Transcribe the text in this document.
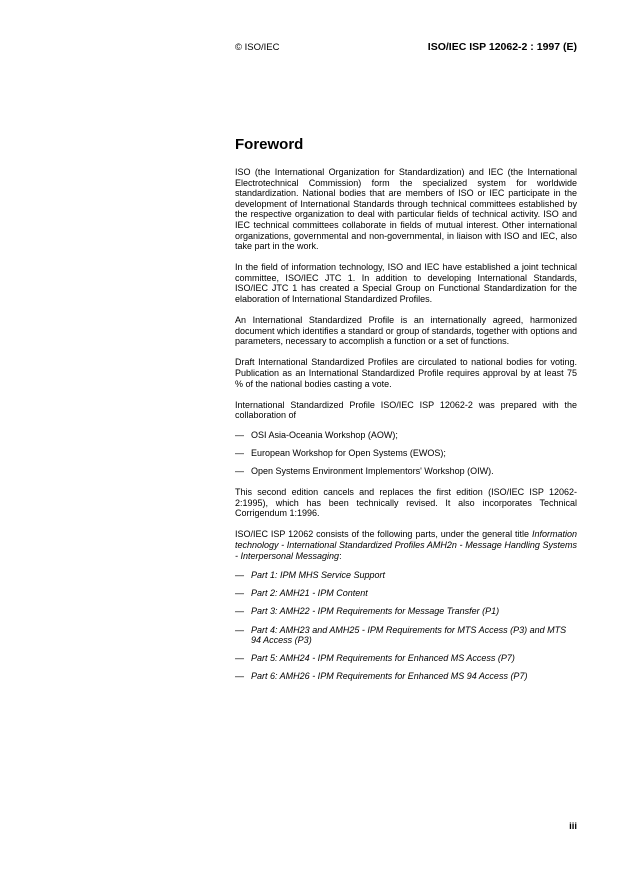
© ISO/IEC	ISO/IEC ISP 12062-2 : 1997 (E)
Foreword

ISO (the International Organization for Standardization) and IEC (the International Electrotechnical Commission) form the specialized system for worldwide standardization. National bodies that are members of ISO or IEC participate in the development of International Standards through technical committees established by the respective organization to deal with particular fields of technical activity. ISO and IEC technical committees collaborate in fields of mutual interest. Other international organizations, governmental and non-governmental, in liaison with ISO and IEC, also take part in the work.

In the field of information technology, ISO and IEC have established a joint technical committee, ISO/IEC JTC 1. In addition to developing International Standards, ISO/IEC JTC 1 has created a Special Group on Functional Standardization for the elaboration of International Standardized Profiles.

An International Standardized Profile is an internationally agreed, harmonized document which identifies a standard or group of standards, together with options and parameters, necessary to accomplish a function or a set of functions.

Draft International Standardized Profiles are circulated to national bodies for voting. Publication as an International Standardized Profile requires approval by at least 75 % of the national bodies casting a vote.

International Standardized Profile ISO/IEC ISP 12062-2 was prepared with the collaboration of

— OSI Asia-Oceania Workshop (AOW);
— European Workshop for Open Systems (EWOS);
— Open Systems Environment Implementors' Workshop (OIW).

This second edition cancels and replaces the first edition (ISO/IEC ISP 12062-2:1995), which has been technically revised. It also incorporates Technical Corrigendum 1:1996.

ISO/IEC ISP 12062 consists of the following parts, under the general title Information technology - International Standardized Profiles AMH2n - Message Handling Systems - Interpersonal Messaging:

— Part 1: IPM MHS Service Support
— Part 2: AMH21 - IPM Content
— Part 3: AMH22 - IPM Requirements for Message Transfer (P1)
— Part 4: AMH23 and AMH25 - IPM Requirements for MTS Access (P3) and MTS 94 Access (P3)
— Part 5: AMH24 - IPM Requirements for Enhanced MS Access (P7)
— Part 6: AMH26 - IPM Requirements for Enhanced MS 94 Access (P7)
iii
